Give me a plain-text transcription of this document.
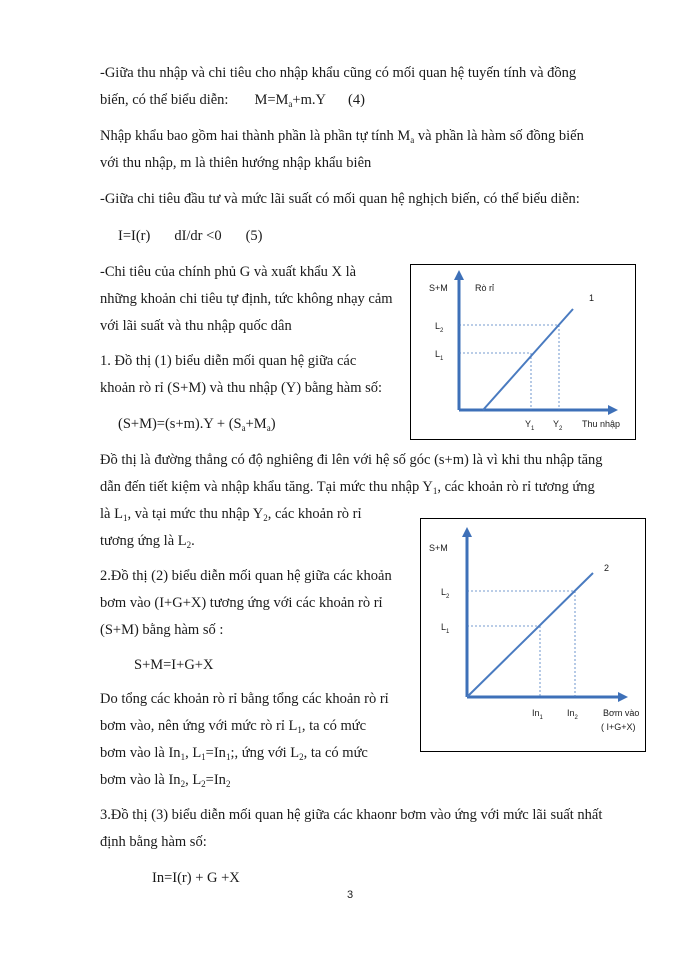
-Giữa thu nhập và chi tiêu cho nhập khẩu cũng có mối quan hệ tuyến tính và đồng
biến, có thể biểu diễn: $M=M_a+m.Y$ (4)
Nhập khẩu bao gồm hai thành phần là phần tự tính $M_a$ và phần là hàm số đồng biến
với thu nhập, m là thiên hướng nhập khẩu biên
-Giữa chi tiêu đầu tư và mức lãi suất có mối quan hệ nghịch biến, có thể biểu diễn:
I=I(r) dI/dr <0 (5)
-Chi tiêu của chính phủ G và xuất khẩu X là
những khoản chi tiêu tự định, tức không nhạy cảm
với lãi suất và thu nhập quốc dân
1. Đồ thị (1) biểu diễn mối quan hệ giữa các
khoản rò rỉ (S+M) và thu nhập (Y) bằng hàm số:
$(S+M)=(s+m).Y + (S_a+M_a)$
Đồ thị là đường thẳng có độ nghiêng đi lên với hệ số góc (s+m) là vì khi thu nhập tăng
dẫn đến tiết kiệm và nhập khẩu tăng. Tại mức thu nhập $Y_1$, các khoản rò rỉ tương ứng
là $L_1$, và tại mức thu nhập $Y_2$, các khoản rò rỉ
tương ứng là $L_2$.
2.Đồ thị (2) biểu diễn mối quan hệ giữa các khoản
bơm vào (I+G+X) tương ứng với các khoản rò rỉ
(S+M) bằng hàm số :
S+M=I+G+X
Do tổng các khoản rò rỉ bằng tổng các khoản rò rỉ
bơm vào, nên ứng với mức rò rỉ $L_1$, ta có mức
bơm vào là $In_1$, $L_1=In_1$;, ứng với $L_2$, ta có mức
bơm vào là $In_2$, $L_2=In_2$
3.Đồ thị (3) biểu diễn mối quan hệ giữa các khaonr bơm vào ứng với mức lãi suất nhất
định bằng hàm số:
In=I(r) + G +X
3
S+M	Rò rỉ
1
$L_2$
$L_1$
$Y_1$ $Y_2$ Thu nhập
S+M
2
$L_2$
$L_1$
$In_1$	$In_2$	Bơm vào
( I+G+X)
